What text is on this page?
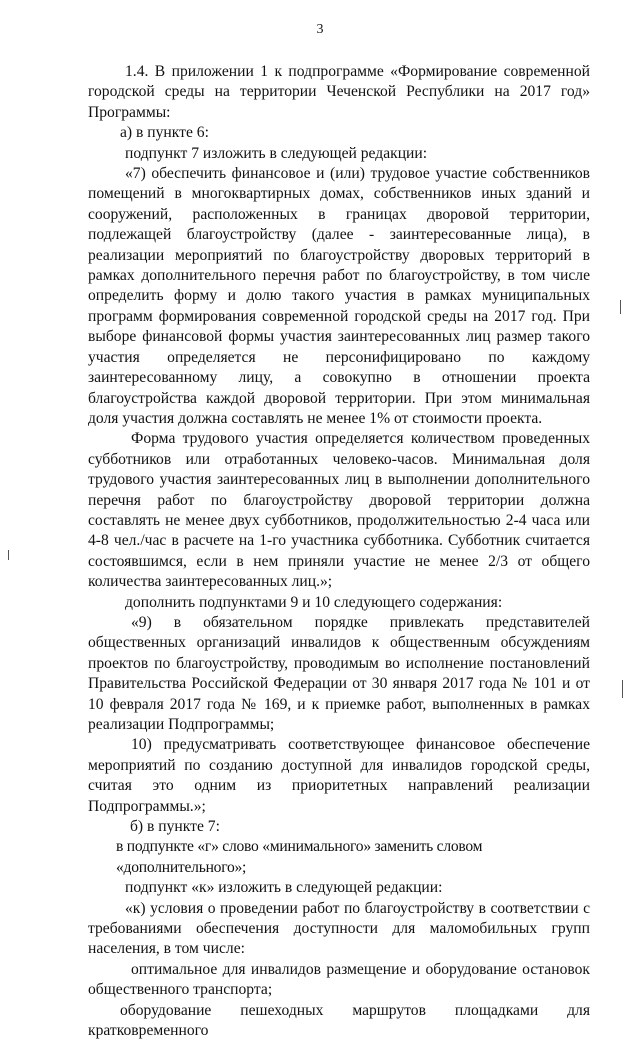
3

1.4. В приложении 1 к подпрограмме «Формирование современной городской среды на территории Чеченской Республики на 2017 год» Программы:

а) в пункте 6:

подпункт 7 изложить в следующей редакции:

«7) обеспечить финансовое и (или) трудовое участие собственников помещений в многоквартирных домах, собственников иных зданий и сооружений, расположенных в границах дворовой территории, подлежащей благоустройству (далее - заинтересованные лица), в реализации мероприятий по благоустройству дворовых территорий в рамках дополнительного перечня работ по благоустройству, в том числе определить форму и долю такого участия в рамках муниципальных программ формирования современной городской среды на 2017 год. При выборе финансовой формы участия заинтересованных лиц размер такого участия определяется не персонифицировано по каждому заинтересованному лицу, а совокупно в отношении проекта благоустройства каждой дворовой территории. При этом минимальная доля участия должна составлять не менее 1% от стоимости проекта.

Форма трудового участия определяется количеством проведенных субботников или отработанных человеко-часов. Минимальная доля трудового участия заинтересованных лиц в выполнении дополнительного перечня работ по благоустройству дворовой территории должна составлять не менее двух субботников, продолжительностью 2-4 часа или 4-8 чел./час в расчете на 1-го участника субботника. Субботник считается состоявшимся, если в нем приняли участие не менее 2/3 от общего количества заинтересованных лиц.»;

дополнить подпунктами 9 и 10 следующего содержания:

«9) в обязательном порядке привлекать представителей общественных организаций инвалидов к общественным обсуждениям проектов по благоустройству, проводимым во исполнение постановлений Правительства Российской Федерации от 30 января 2017 года № 101 и от 10 февраля 2017 года № 169, и к приемке работ, выполненных в рамках реализации Подпрограммы;

10) предусматривать соответствующее финансовое обеспечение мероприятий по созданию доступной для инвалидов городской среды, считая это одним из приоритетных направлений реализации Подпрограммы.»;

б) в пункте 7:

в подпункте «г» слово «минимального» заменить словом «дополнительного»;

подпункт «к» изложить в следующей редакции:

«к) условия о проведении работ по благоустройству в соответствии с требованиями обеспечения доступности для маломобильных групп населения, в том числе:

оптимальное для инвалидов размещение и оборудование остановок общественного транспорта;

оборудование пешеходных маршрутов площадками для кратковременного
